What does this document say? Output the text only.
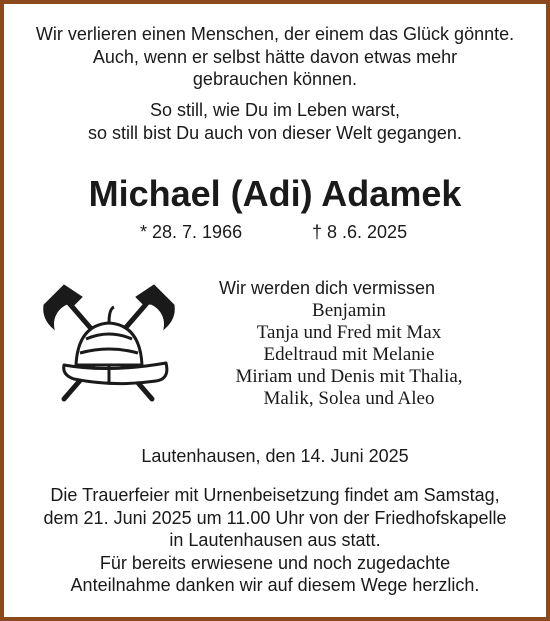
Wir verlieren einen Menschen, der einem das Glück gönnte.
Auch, wenn er selbst hätte davon etwas mehr
gebrauchen können.
So still, wie Du im Leben warst,
so still bist Du auch von dieser Welt gegangen.
Michael (Adi) Adamek
* 28. 7. 1966	† 8 .6. 2025
Wir werden dich vermissen
Benjamin
Tanja und Fred mit Max
Edeltraud mit Melanie
Miriam und Denis mit Thalia,
Malik, Solea und Aleo
Lautenhausen, den 14. Juni 2025
Die Trauerfeier mit Urnenbeisetzung findet am Samstag,
dem 21. Juni 2025 um 11.00 Uhr von der Friedhofskapelle
in Lautenhausen aus statt.
Für bereits erwiesene und noch zugedachte
Anteilnahme danken wir auf diesem Wege herzlich.
